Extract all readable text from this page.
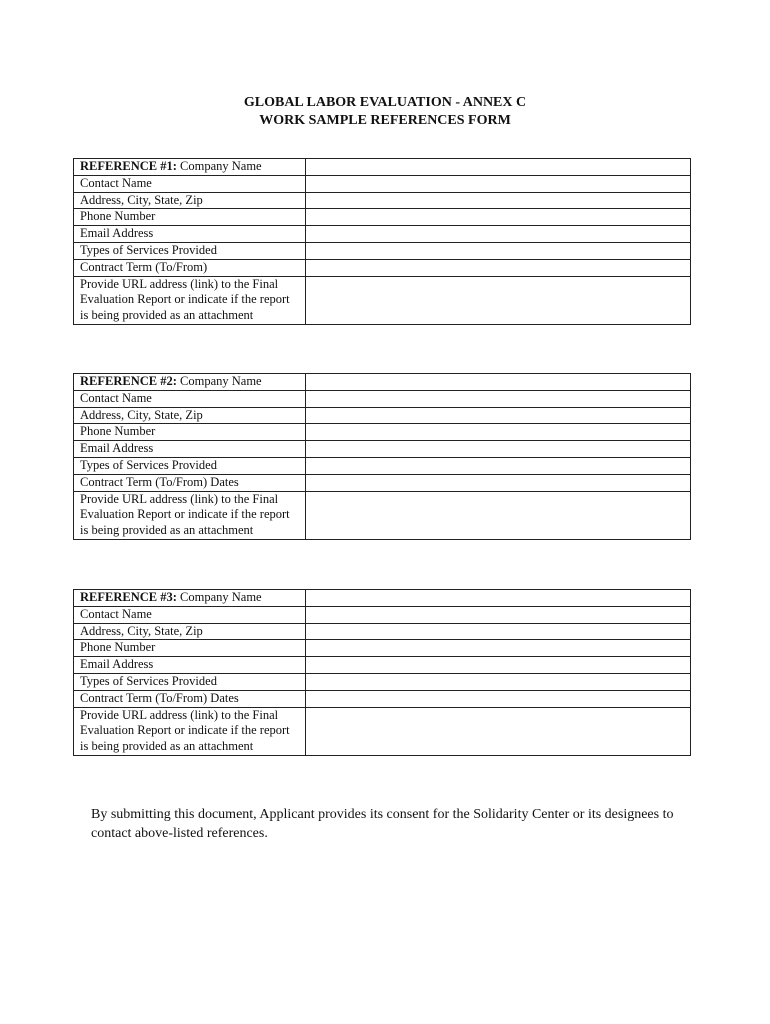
GLOBAL LABOR EVALUATION - ANNEX C
WORK SAMPLE REFERENCES FORM
REFERENCE #1: Company Name	
Contact Name	
Address, City, State, Zip	
Phone Number	
Email Address	
Types of Services Provided	
Contract Term (To/From)	
Provide URL address (link) to the Final Evaluation Report or indicate if the report is being provided as an attachment	
REFERENCE #2: Company Name	
Contact Name	
Address, City, State, Zip	
Phone Number	
Email Address	
Types of Services Provided	
Contract Term (To/From) Dates	
Provide URL address (link) to the Final Evaluation Report or indicate if the report is being provided as an attachment	
REFERENCE #3: Company Name	
Contact Name	
Address, City, State, Zip	
Phone Number	
Email Address	
Types of Services Provided	
Contract Term (To/From) Dates	
Provide URL address (link) to the Final Evaluation Report or indicate if the report is being provided as an attachment	
By submitting this document, Applicant provides its consent for the Solidarity Center or its designees to contact above-listed references.
